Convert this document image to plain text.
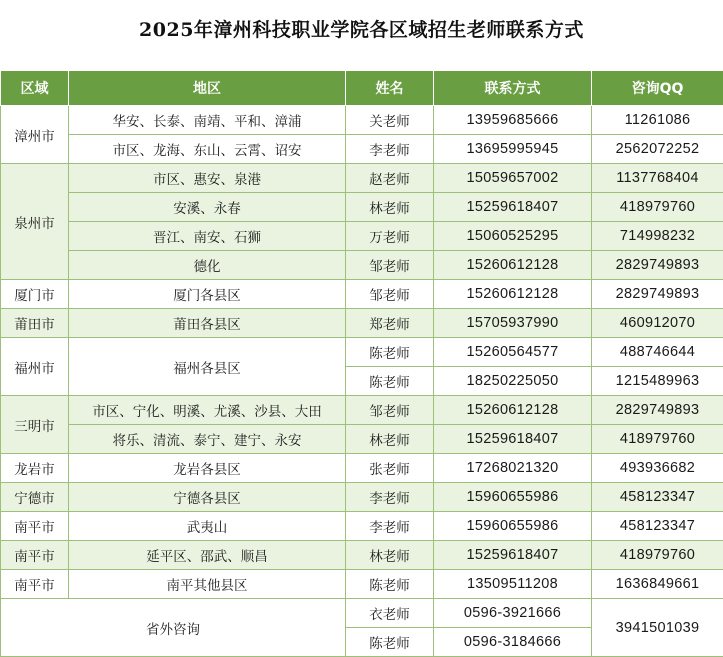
2025年漳州科技职业学院各区域招生老师联系方式
区域	地区	姓名	联系方式	咨询QQ
漳州市	华安、长泰、南靖、平和、漳浦	关老师	13959685666	11261086
	市区、龙海、东山、云霄、诏安	李老师	13695995945	2562072252
泉州市	市区、惠安、泉港	赵老师	15059657002	1137768404
	安溪、永春	林老师	15259618407	418979760
	晋江、南安、石狮	万老师	15060525295	714998232
	德化	邹老师	15260612128	2829749893
厦门市	厦门各县区	邹老师	15260612128	2829749893
莆田市	莆田各县区	郑老师	15705937990	460912070
福州市	福州各县区	陈老师	15260564577	488746644
		陈老师	18250225050	1215489963
三明市	市区、宁化、明溪、尤溪、沙县、大田	邹老师	15260612128	2829749893
	将乐、清流、泰宁、建宁、永安	林老师	15259618407	418979760
龙岩市	龙岩各县区	张老师	17268021320	493936682
宁德市	宁德各县区	李老师	15960655986	458123347
南平市	武夷山	李老师	15960655986	458123347
南平市	延平区、邵武、顺昌	林老师	15259618407	418979760
南平市	南平其他县区	陈老师	13509511208	1636849661
省外咨询		衣老师	0596-3921666	3941501039
		陈老师	0596-3184666	
